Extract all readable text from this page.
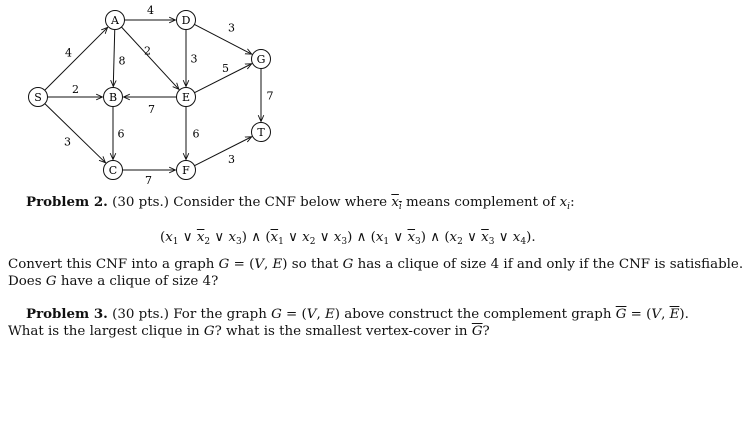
4
2
3
4
8
2
6
7
3
3
5
6
7
7
3
S
A
B
C
D
E
F
G
T
Problem 2. (30 pts.) Consider the CNF below where $x_i$ means complement of $x_i$:
($x_1$ ∨ $\overline{x}_2$ ∨ $x_3$) ∧ ($\overline{x}_1$ ∨ $x_2$ ∨ $x_3$) ∧ ($x_1$ ∨ $\overline{x}_3$) ∧ ($x_2$ ∨ $\overline{x}_3$ ∨ $x_4$).
Convert this CNF into a graph G = (V, E) so that G has a clique of size 4 if and only if the CNF is satisfiable.
Does G have a clique of size 4?
Problem 3. (30 pts.) For the graph G = (V, E) above construct the complement graph $\overline{G} = (V$, $\overline{E}$).
What is the largest clique in G? what is the smallest vertex-cover in $\overline{G}$?
